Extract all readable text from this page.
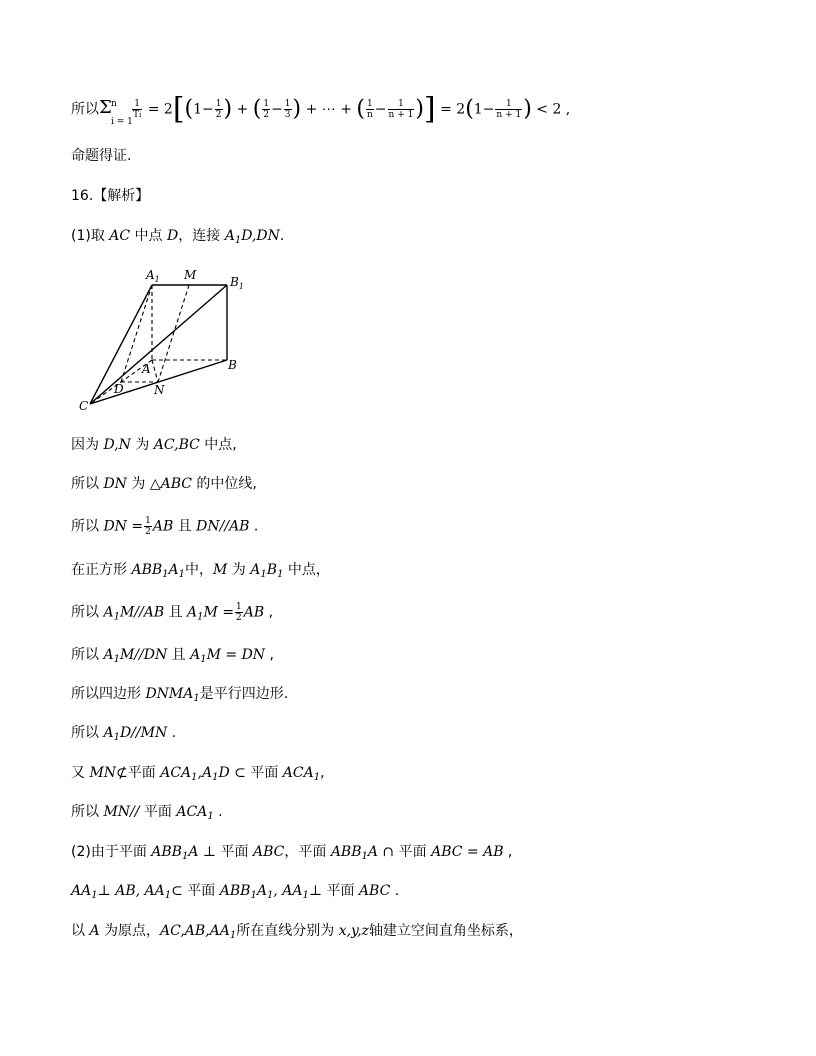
所以 Σ n
i = 1
$\frac{1}{Ti} = 2[(1- \frac{1}{2}$ ) + ( $\frac{1}{2} - \frac{1}{3}$ ) + ⋯ + ( $\frac{1}{n} - \frac{1}{n + 1}$ )] = $2(1- \frac{1}{n + 1}$ ) < 2 ,
命题得证.
16.【解析】
(1)取 AC 中点 D，连接 $A_1D,DN$.
$A_1$ M	$B_1$
A	B
D	N
C
因为 D,N 为 AC,BC 中点,
所以 DN 为 △ABC 的中位线,
所以 DN = $\frac{1}{2}$ AB 且 DN//AB .
在正方形 $ABB_1A_1$中，M 为 $A_1B_1$ 中点，
所以 $A_1M//AB$ 且 $A_1M = \frac{1}{2}$ AB ,
所以 $A_1M//DN$ 且 $A_1M$ = DN ,
所以四边形 $DNMA_1$是平行四边形.
所以 $A_1D//MN$ .
又 MN⊄平面 $ACA_1,A_1D$ ⊂ 平面 $ACA_1$,
所以 MN// 平面 $ACA_1$ .
(2)由于平面 $ABB_1A$ ⊥ 平面 ABC，平面 $ABB_1A$ ∩ 平面 ABC = AB ,
$AA_1\perp$ AB, $AA_1\subset$ 平面 $ABB_1A_1$, $AA_1\perp$ 平面 ABC .
以 A 为原点，$AC,AB,AA_1$所在直线分别为 x,y,z轴建立空间直角坐标系，
